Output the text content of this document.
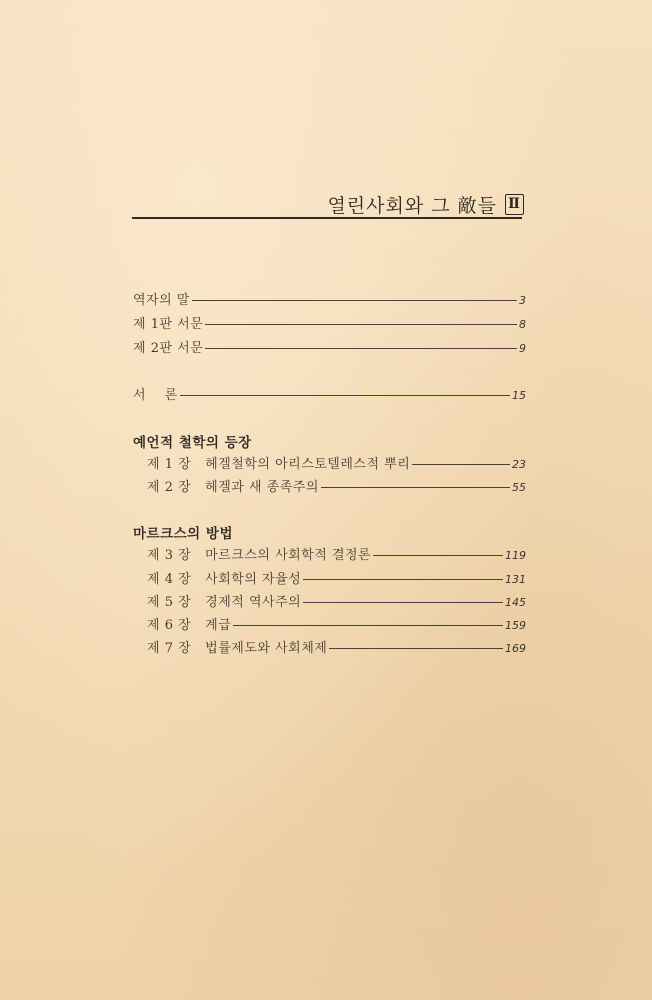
열린사회와 그 敵들 Ⅱ
역자의 말	3
제 1판 서문	8
제 2판 서문	9
서    론	15
예언적 철학의 등장
제 1 장 헤겔철학의 아리스토텔레스적 뿌리	23
제 2 장 헤겔과 새 종족주의	55
마르크스의 방법
제 3 장 마르크스의 사회학적 결정론	119
제 4 장 사회학의 자율성	131
제 5 장 경제적 역사주의	145
제 6 장 계급	159
제 7 장 법률제도와 사회체제	169
